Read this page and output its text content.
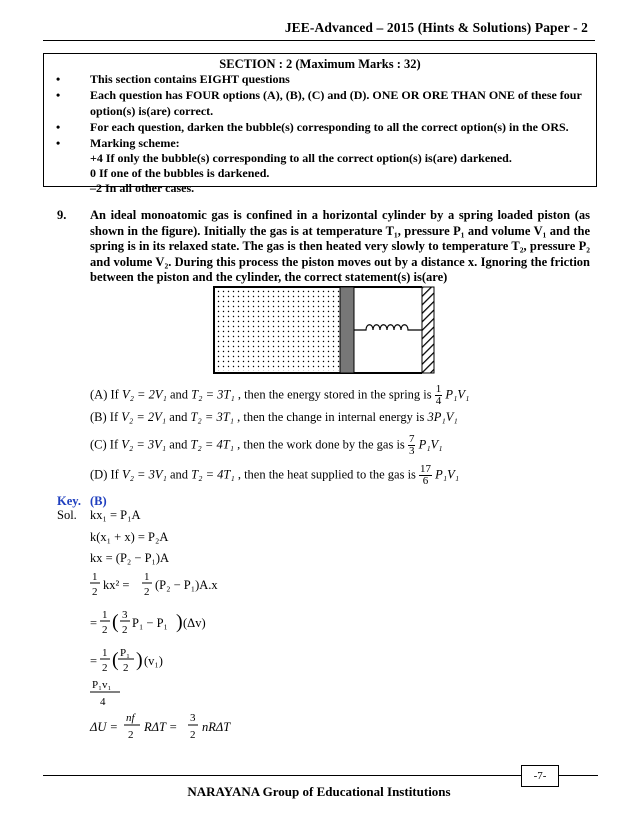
JEE-Advanced – 2015 (Hints & Solutions) Paper - 2
SECTION : 2 (Maximum Marks : 32)
• This section contains EIGHT questions
• Each question has FOUR options (A), (B), (C) and (D). ONE OR ORE THAN ONE of these four option(s) is(are) correct.
• For each question, darken the bubble(s) corresponding to all the correct option(s) in the ORS.
• Marking scheme:
+4 If only the bubble(s) corresponding to all the correct option(s) is(are) darkened.
0 If one of the bubbles is darkened.
–2 In all other cases.
9. An ideal monoatomic gas is confined in a horizontal cylinder by a spring loaded piston (as shown in the figure). Initially the gas is at temperature T₁, pressure P₁ and volume V₁ and the spring is in its relaxed state. The gas is then heated very slowly to temperature T₂, pressure P₂ and volume V₂. During this process the piston moves out by a distance x. Ignoring the friction between the piston and the cylinder, the correct statement(s) is(are)
(A) If V₂ = 2V₁ and T₂ = 3T₁ , then the energy stored in the spring is $\frac{1}{4} P_1V_1$
(B) If V₂ = 2V₁ and T₂ = 3T₁ , then the change in internal energy is 3P₁V₁
(C) If V₂ = 3V₁ and T₂ = 4T₁ , then the work done by the gas is $\frac{7}{3} P_1V_1$
(D) If V₂ = 3V₁ and T₂ = 4T₁ , then the heat supplied to the gas is $\frac{17}{6} P_1V_1$
Key. (B)
Sol. kx₁ = P₁A
k(x₁ + x) = P₂A
kx = (P₂ − P₁)A
1
2 kx² =
1
2 (P₂ − P₁)A.x
=
1
2 ( 3
2 P₁ − P₁ ) (Δv)
=
1
2 ( P₁
2 ) (v₁)
P₁v₁
4
ΔU =
nf
2
RΔT =
3
2
nRΔT
-7-
NARAYANA Group of Educational Institutions
